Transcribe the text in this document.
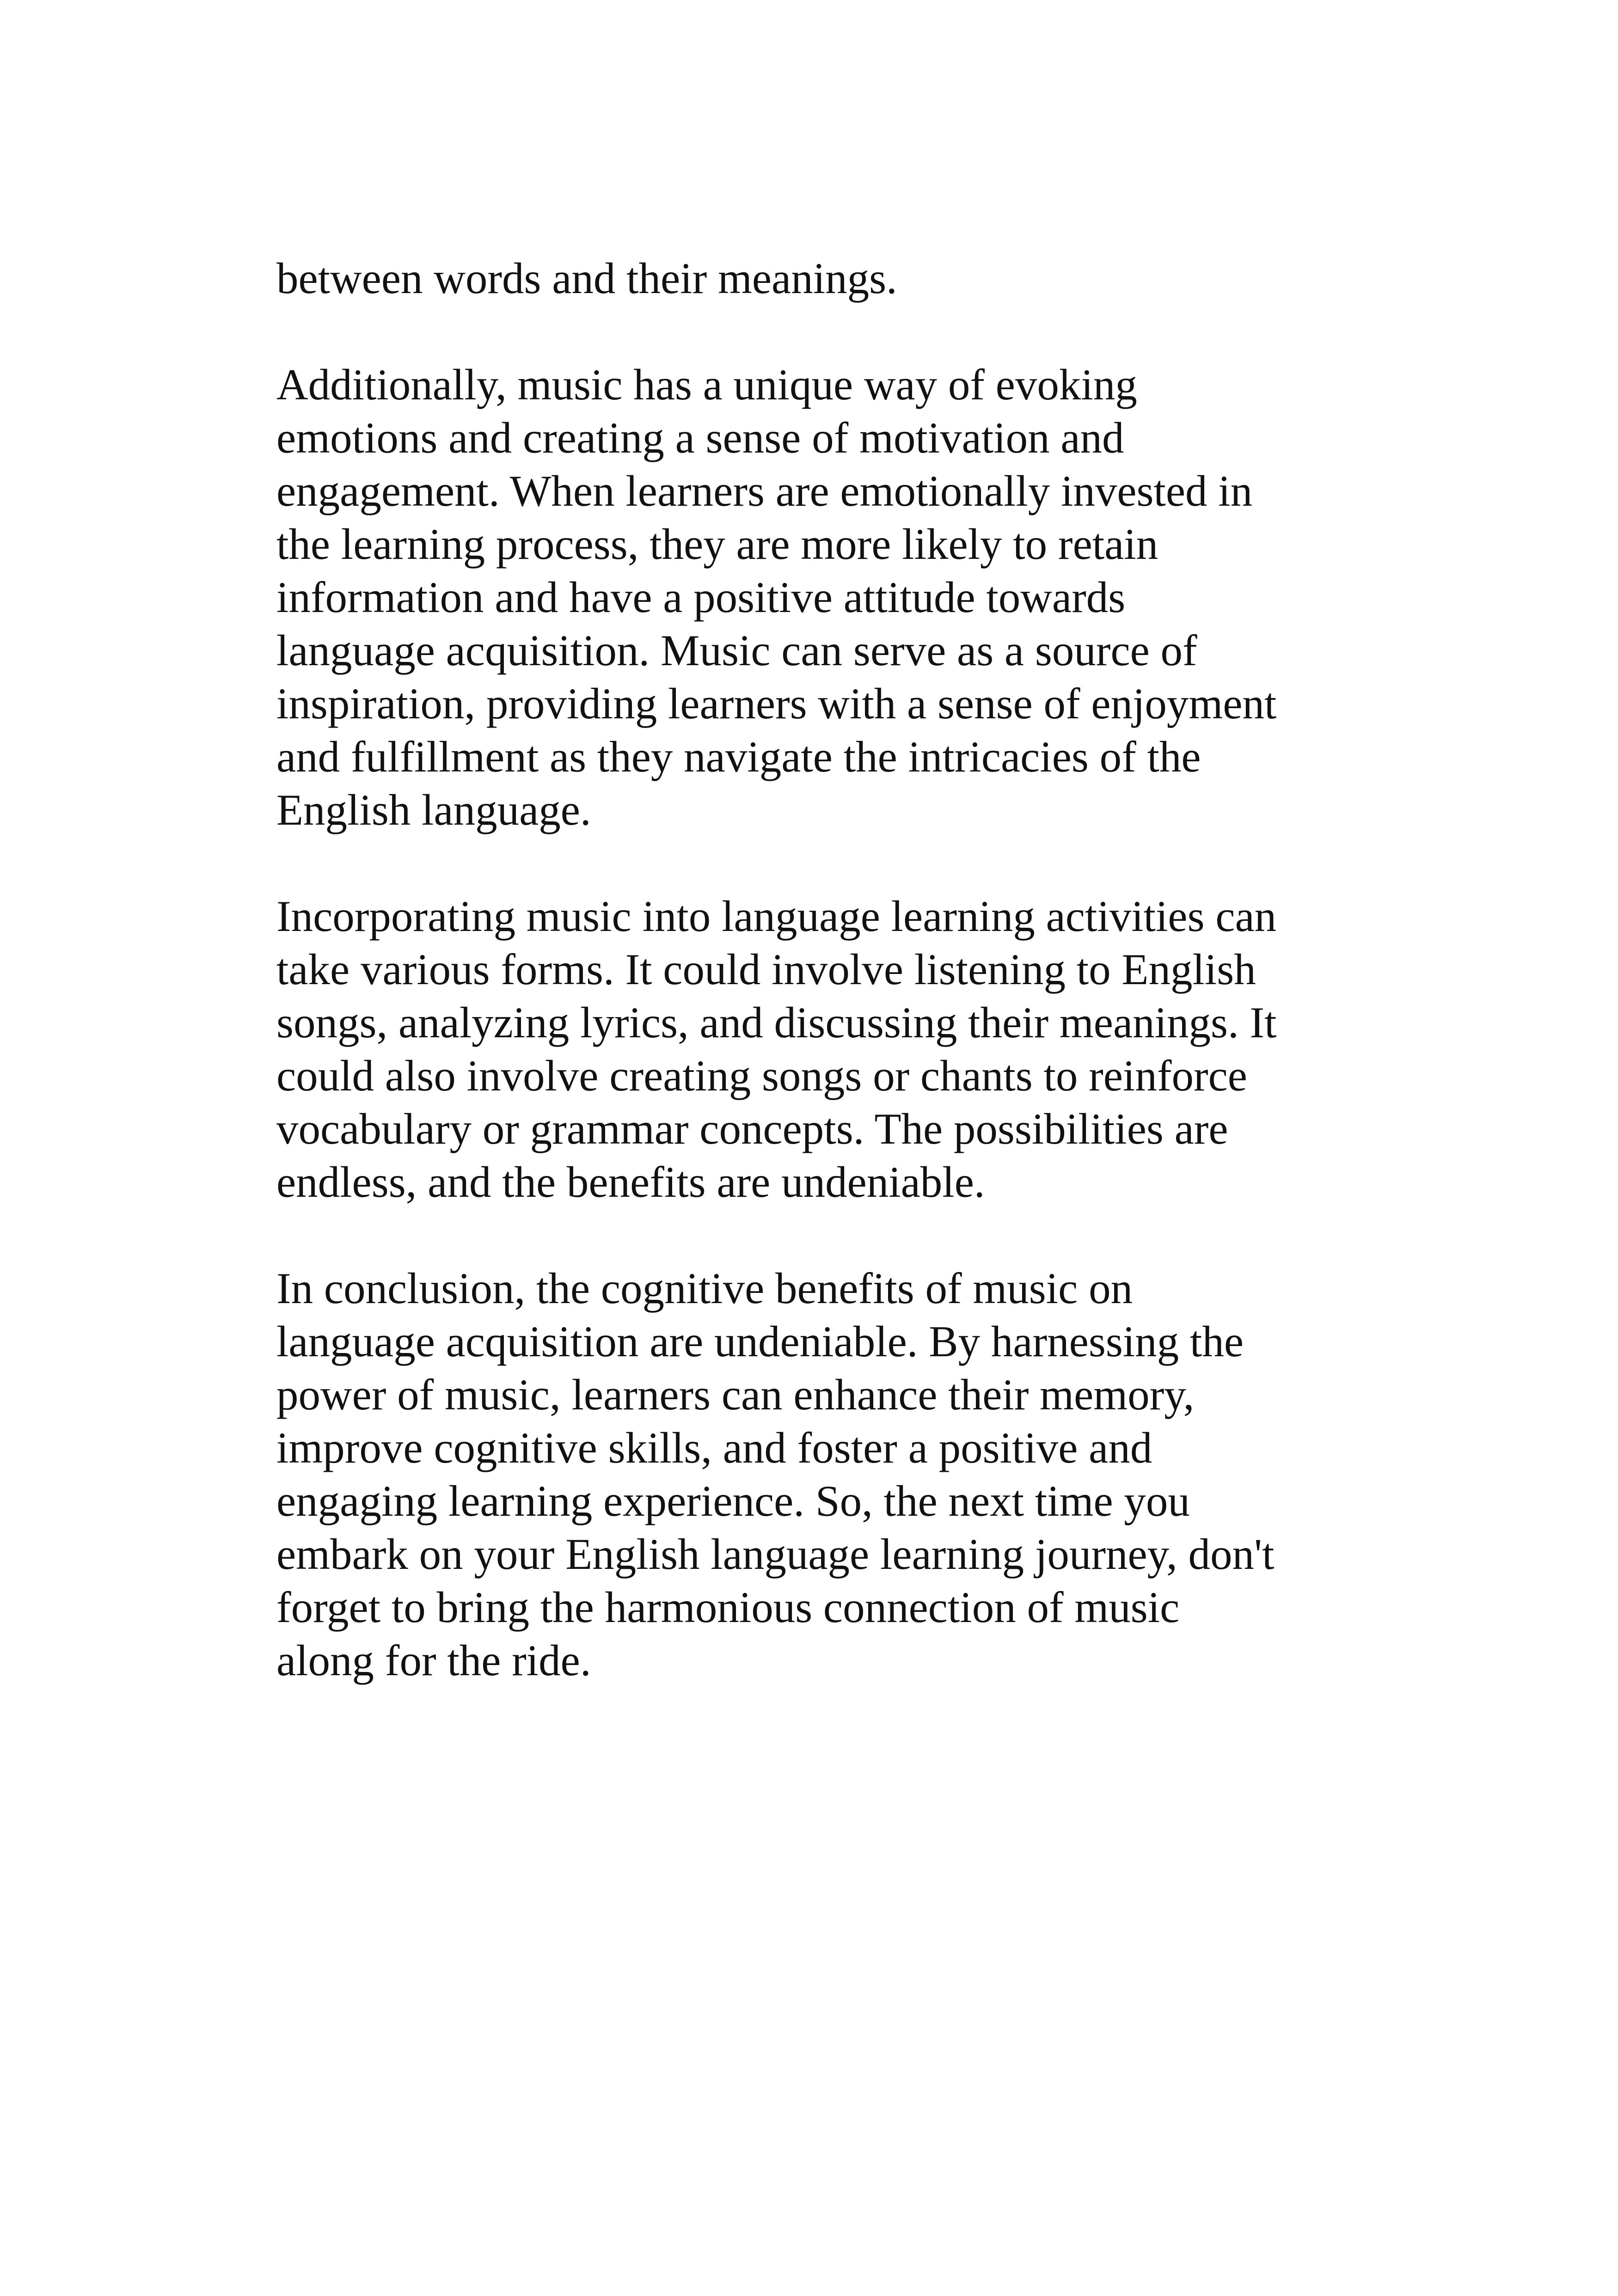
between words and their meanings.

Additionally, music has a unique way of evoking
emotions and creating a sense of motivation and
engagement. When learners are emotionally invested in
the learning process, they are more likely to retain
information and have a positive attitude towards
language acquisition. Music can serve as a source of
inspiration, providing learners with a sense of enjoyment
and fulfillment as they navigate the intricacies of the
English language.

Incorporating music into language learning activities can
take various forms. It could involve listening to English
songs, analyzing lyrics, and discussing their meanings. It
could also involve creating songs or chants to reinforce
vocabulary or grammar concepts. The possibilities are
endless, and the benefits are undeniable.

In conclusion, the cognitive benefits of music on
language acquisition are undeniable. By harnessing the
power of music, learners can enhance their memory,
improve cognitive skills, and foster a positive and
engaging learning experience. So, the next time you
embark on your English language learning journey, don't
forget to bring the harmonious connection of music
along for the ride.
